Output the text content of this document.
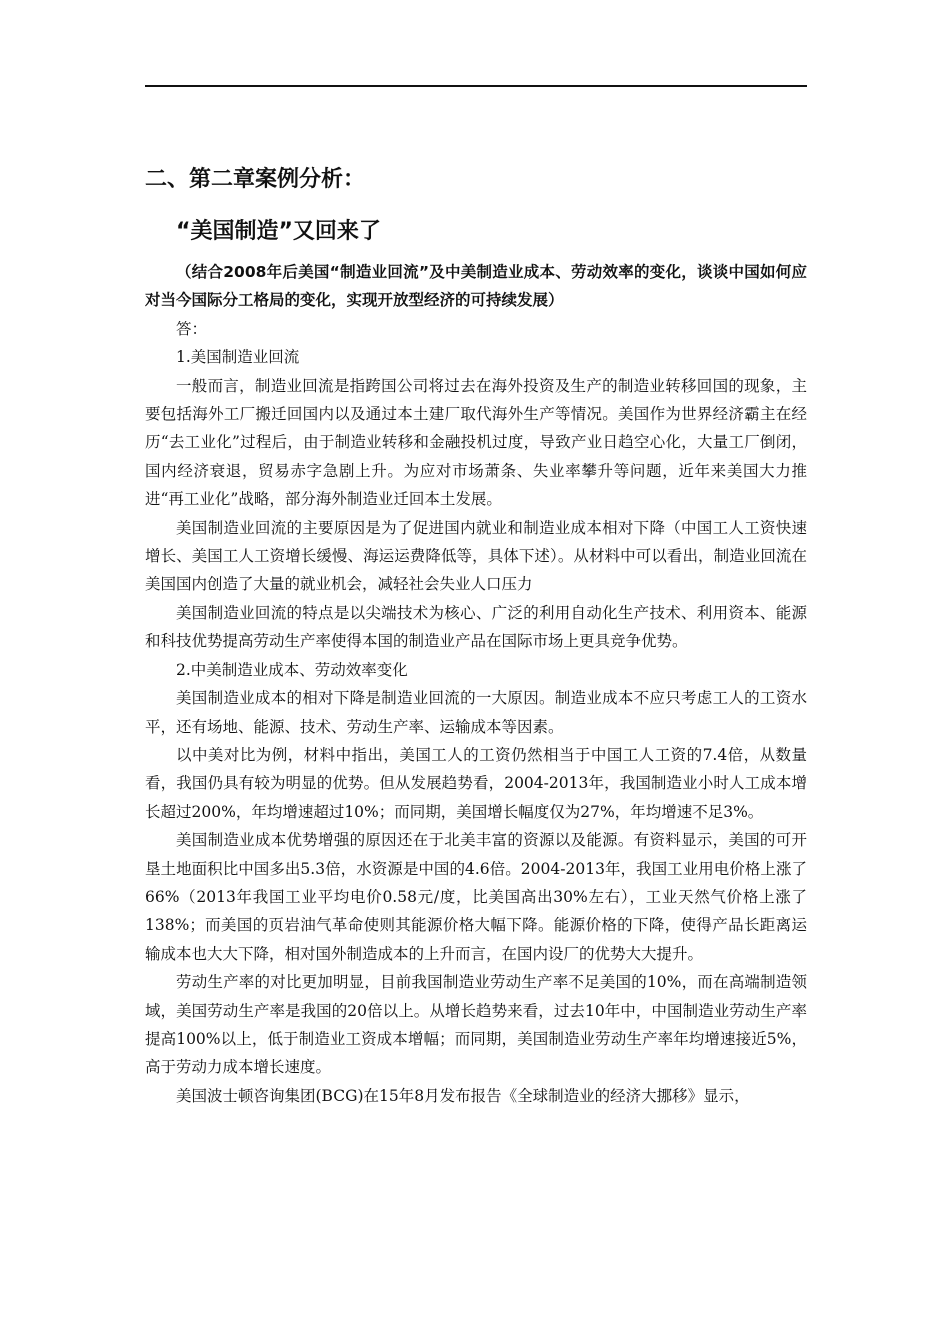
二、第二章案例分析：
“美国制造”又回来了

（结合2008年后美国“制造业回流”及中美制造业成本、劳动效率的变化，谈谈中国如何应对当今国际分工格局的变化，实现开放型经济的可持续发展）

答：

1.美国制造业回流

一般而言，制造业回流是指跨国公司将过去在海外投资及生产的制造业转移回国的现象，主要包括海外工厂搬迁回国内以及通过本土建厂取代海外生产等情况。美国作为世界经济霸主在经历“去工业化”过程后，由于制造业转移和金融投机过度，导致产业日趋空心化，大量工厂倒闭，国内经济衰退，贸易赤字急剧上升。为应对市场萧条、失业率攀升等问题，近年来美国大力推进“再工业化”战略，部分海外制造业迁回本土发展。

美国制造业回流的主要原因是为了促进国内就业和制造业成本相对下降（中国工人工资快速增长、美国工人工资增长缓慢、海运运费降低等，具体下述）。从材料中可以看出，制造业回流在美国国内创造了大量的就业机会，减轻社会失业人口压力

美国制造业回流的特点是以尖端技术为核心、广泛的利用自动化生产技术、利用资本、能源和科技优势提高劳动生产率使得本国的制造业产品在国际市场上更具竞争优势。

2.中美制造业成本、劳动效率变化

美国制造业成本的相对下降是制造业回流的一大原因。制造业成本不应只考虑工人的工资水平，还有场地、能源、技术、劳动生产率、运输成本等因素。

以中美对比为例，材料中指出，美国工人的工资仍然相当于中国工人工资的7.4倍，从数量看，我国仍具有较为明显的优势。但从发展趋势看，2004-2013年，我国制造业小时人工成本增长超过200%，年均增速超过10%；而同期，美国增长幅度仅为27%，年均增速不足3%。

美国制造业成本优势增强的原因还在于北美丰富的资源以及能源。有资料显示，美国的可开垦土地面积比中国多出5.3倍，水资源是中国的4.6倍。2004-2013年，我国工业用电价格上涨了66%（2013年我国工业平均电价0.58元/度，比美国高出30%左右），工业天然气价格上涨了138%；而美国的页岩油气革命使则其能源价格大幅下降。能源价格的下降，使得产品长距离运输成本也大大下降，相对国外制造成本的上升而言，在国内设厂的优势大大提升。

劳动生产率的对比更加明显，目前我国制造业劳动生产率不足美国的10%，而在高端制造领域，美国劳动生产率是我国的20倍以上。从增长趋势来看，过去10年中，中国制造业劳动生产率提高100%以上，低于制造业工资成本增幅；而同期，美国制造业劳动生产率年均增速接近5%，高于劳动力成本增长速度。

美国波士顿咨询集团(BCG)在15年8月发布报告《全球制造业的经济大挪移》显示，
